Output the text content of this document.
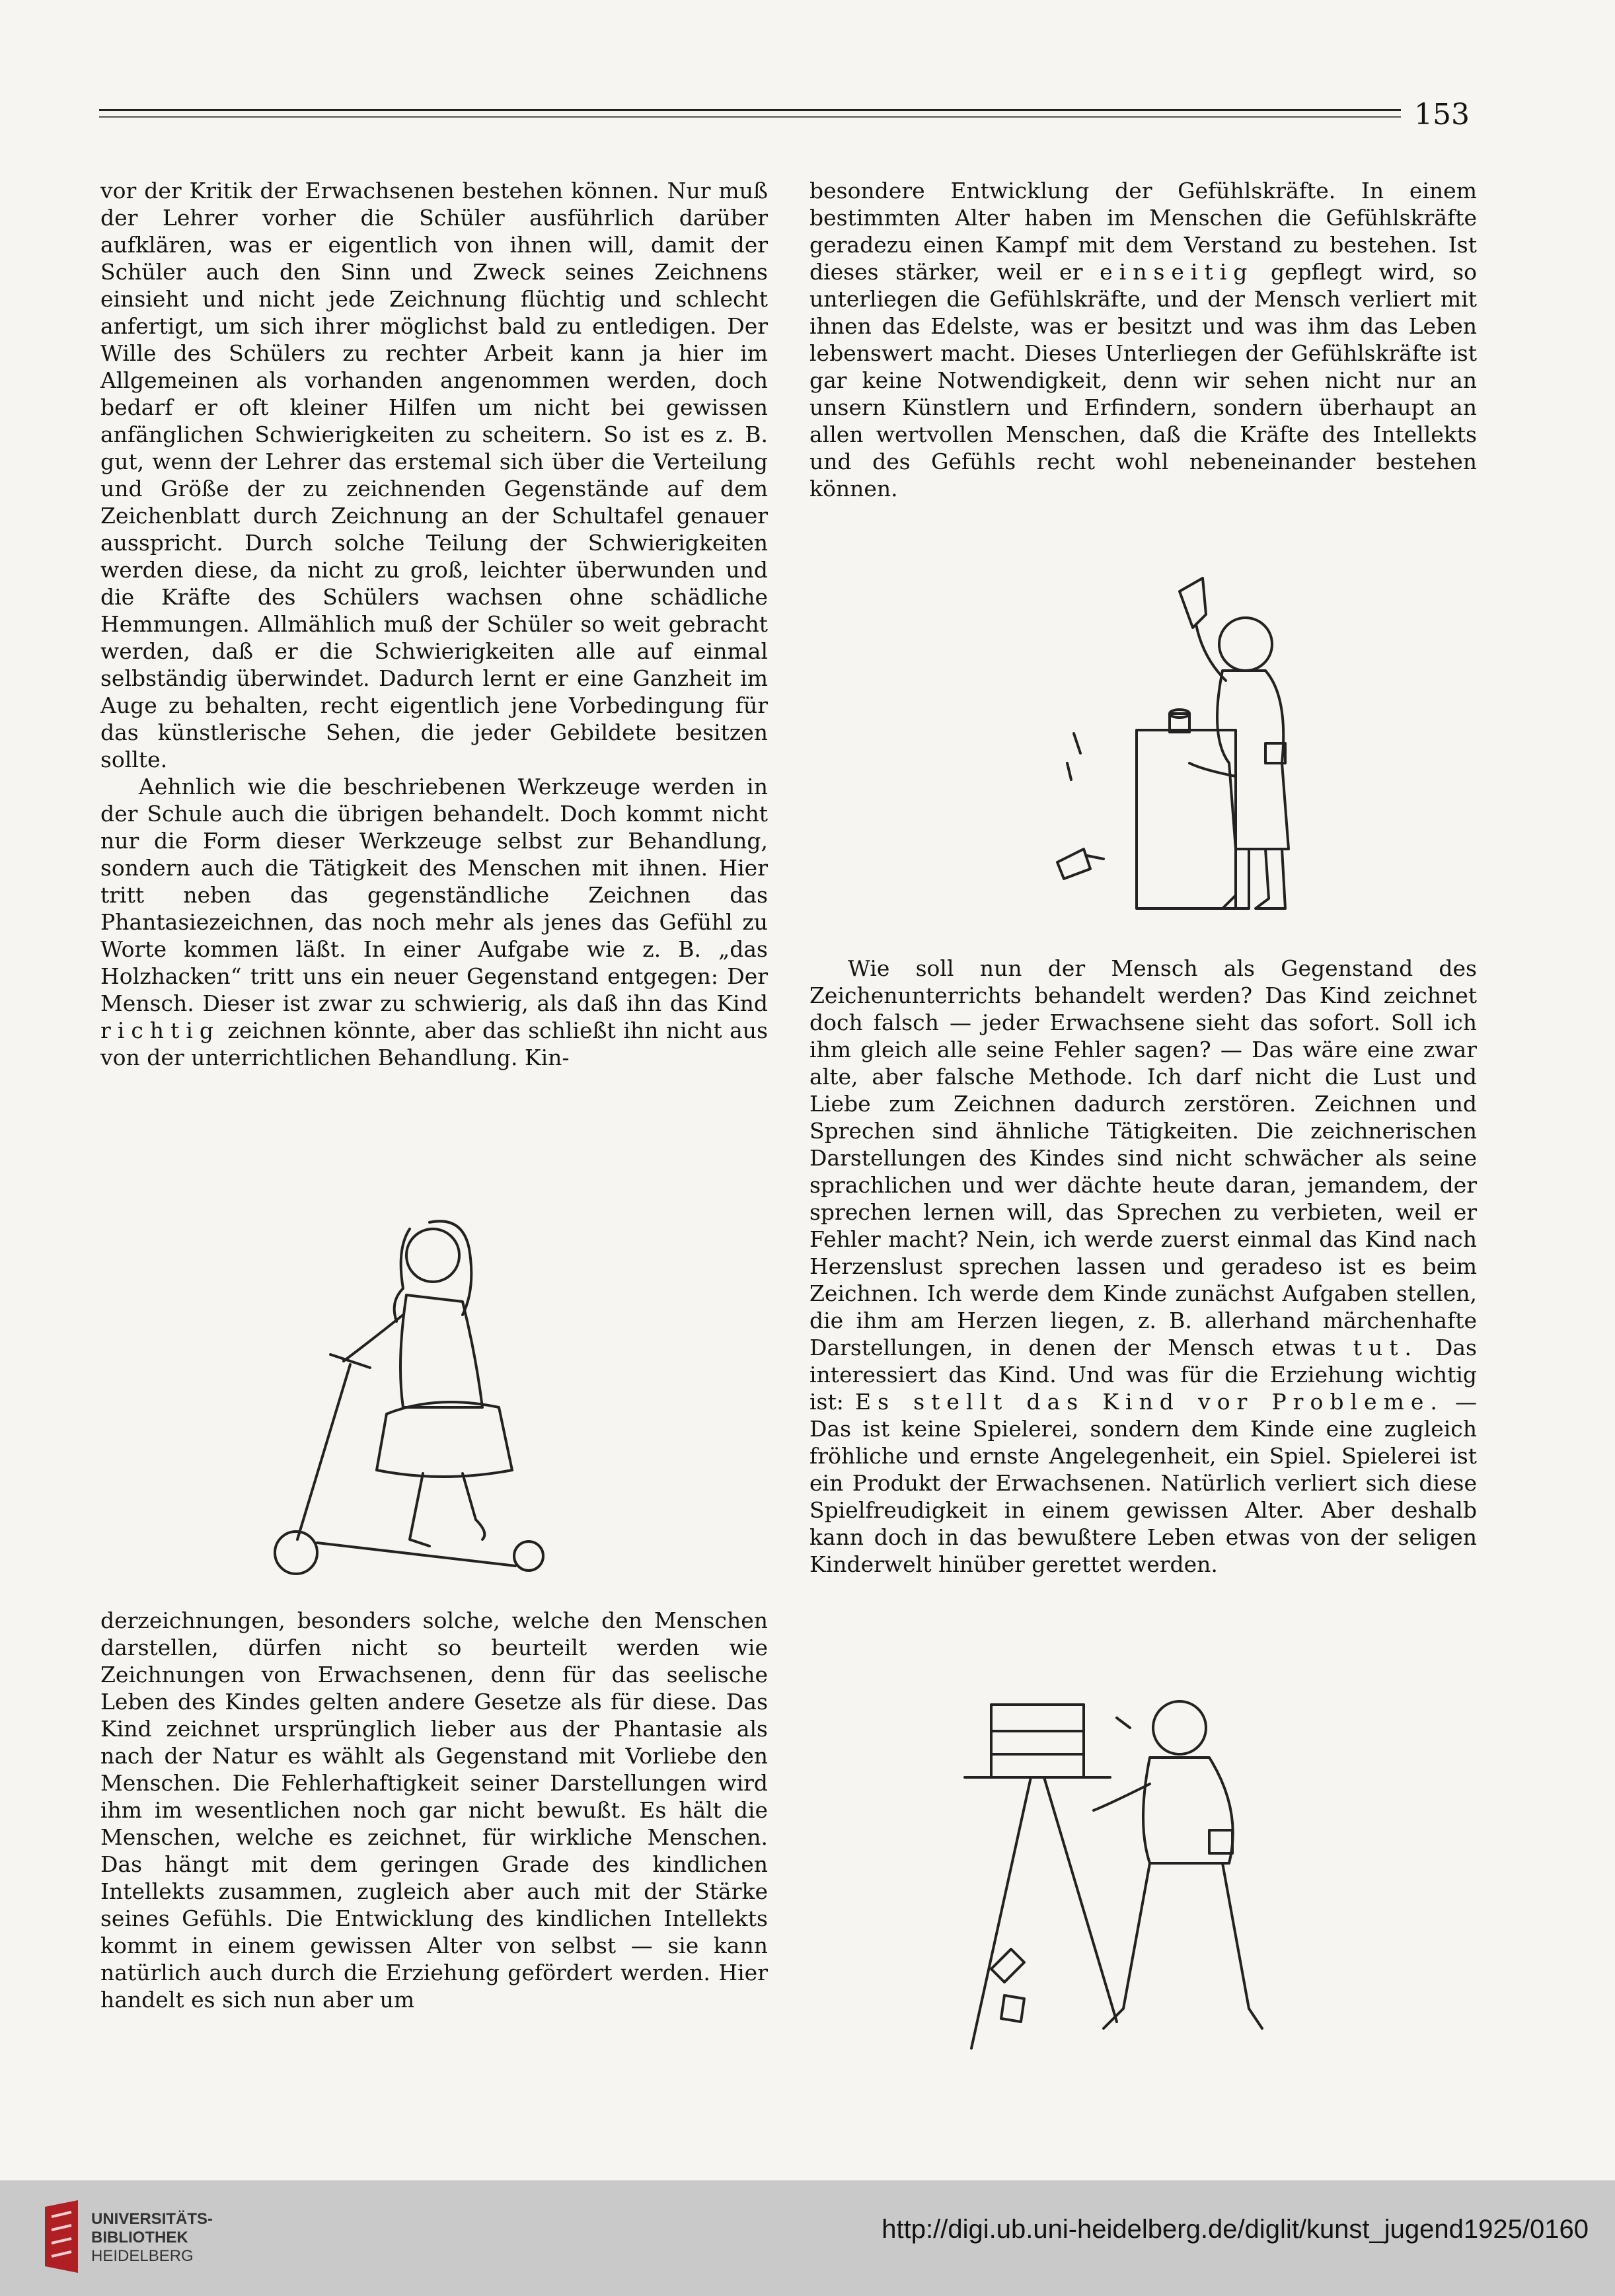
153

vor der Kritik der Erwachsenen bestehen können. Nur muß der Lehrer vorher die Schüler ausführlich darüber aufklären, was er eigentlich von ihnen will, damit der Schüler auch den Sinn und Zweck seines Zeichnens einsieht und nicht jede Zeichnung flüchtig und schlecht anfertigt, um sich ihrer möglichst bald zu entledigen. Der Wille des Schülers zu rechter Arbeit kann ja hier im Allgemeinen als vorhanden angenommen werden, doch bedarf er oft kleiner Hilfen um nicht bei gewissen anfänglichen Schwierigkeiten zu scheitern. So ist es z. B. gut, wenn der Lehrer das erstemal sich über die Verteilung und Größe der zu zeichnenden Gegenstände auf dem Zeichenblatt durch Zeichnung an der Schultafel genauer ausspricht. Durch solche Teilung der Schwierigkeiten werden diese, da nicht zu groß, leichter überwunden und die Kräfte des Schülers wachsen ohne schädliche Hemmungen. Allmählich muß der Schüler so weit gebracht werden, daß er die Schwierigkeiten alle auf einmal selbständig überwindet. Dadurch lernt er eine Ganzheit im Auge zu behalten, recht eigentlich jene Vorbedingung für das künstlerische Sehen, die jeder Gebildete besitzen sollte.

Aehnlich wie die beschriebenen Werkzeuge werden in der Schule auch die übrigen behandelt. Doch kommt nicht nur die Form dieser Werkzeuge selbst zur Behandlung, sondern auch die Tätigkeit des Menschen mit ihnen. Hier tritt neben das gegenständliche Zeichnen das Phantasiezeichnen, das noch mehr als jenes das Gefühl zu Worte kommen läßt. In einer Aufgabe wie z. B. „das Holzhacken“ tritt uns ein neuer Gegenstand entgegen: Der Mensch. Dieser ist zwar zu schwierig, als daß ihn das Kind richtig zeichnen könnte, aber das schließt ihn nicht aus von der unterrichtlichen Behandlung. Kin-

besondere Entwicklung der Gefühlskräfte. In einem bestimmten Alter haben im Menschen die Gefühlskräfte geradezu einen Kampf mit dem Verstand zu bestehen. Ist dieses stärker, weil er einseitig gepflegt wird, so unterliegen die Gefühlskräfte, und der Mensch verliert mit ihnen das Edelste, was er besitzt und was ihm das Leben lebenswert macht. Dieses Unterliegen der Gefühlskräfte ist gar keine Notwendigkeit, denn wir sehen nicht nur an unsern Künstlern und Erfindern, sondern überhaupt an allen wertvollen Menschen, daß die Kräfte des Intellekts und des Gefühls recht wohl nebeneinander bestehen können.

derzeichnungen, besonders solche, welche den Menschen darstellen, dürfen nicht so beurteilt werden wie Zeichnungen von Erwachsenen, denn für das seelische Leben des Kindes gelten andere Gesetze als für diese. Das Kind zeichnet ursprünglich lieber aus der Phantasie als nach der Natur es wählt als Gegenstand mit Vorliebe den Menschen. Die Fehlerhaftigkeit seiner Darstellungen wird ihm im wesentlichen noch gar nicht bewußt. Es hält die Menschen, welche es zeichnet, für wirkliche Menschen. Das hängt mit dem geringen Grade des kindlichen Intellekts zusammen, zugleich aber auch mit der Stärke seines Gefühls. Die Entwicklung des kindlichen Intellekts kommt in einem gewissen Alter von selbst — sie kann natürlich auch durch die Erziehung gefördert werden. Hier handelt es sich nun aber um

Wie soll nun der Mensch als Gegenstand des Zeichenunterrichts behandelt werden? Das Kind zeichnet doch falsch — jeder Erwachsene sieht das sofort. Soll ich ihm gleich alle seine Fehler sagen? — Das wäre eine zwar alte, aber falsche Methode. Ich darf nicht die Lust und Liebe zum Zeichnen dadurch zerstören. Zeichnen und Sprechen sind ähnliche Tätigkeiten. Die zeichnerischen Darstellungen des Kindes sind nicht schwächer als seine sprachlichen und wer dächte heute daran, jemandem, der sprechen lernen will, das Sprechen zu verbieten, weil er Fehler macht? Nein, ich werde zuerst einmal das Kind nach Herzenslust sprechen lassen und geradeso ist es beim Zeichnen. Ich werde dem Kinde zunächst Aufgaben stellen, die ihm am Herzen liegen, z. B. allerhand märchenhafte Darstellungen, in denen der Mensch etwas tut. Das interessiert das Kind. Und was für die Erziehung wichtig ist: Es stellt das Kind vor Probleme. — Das ist keine Spielerei, sondern dem Kinde eine zugleich fröhliche und ernste Angelegenheit, ein Spiel. Spielerei ist ein Produkt der Erwachsenen. Natürlich verliert sich diese Spielfreudigkeit in einem gewissen Alter. Aber deshalb kann doch in das bewußtere Leben etwas von der seligen Kinderwelt hinüber gerettet werden.

UNIVERSITÄTS-
BIBLIOTHEK
HEIDELBERG
http://digi.ub.uni-heidelberg.de/diglit/kunst_jugend1925/0160
